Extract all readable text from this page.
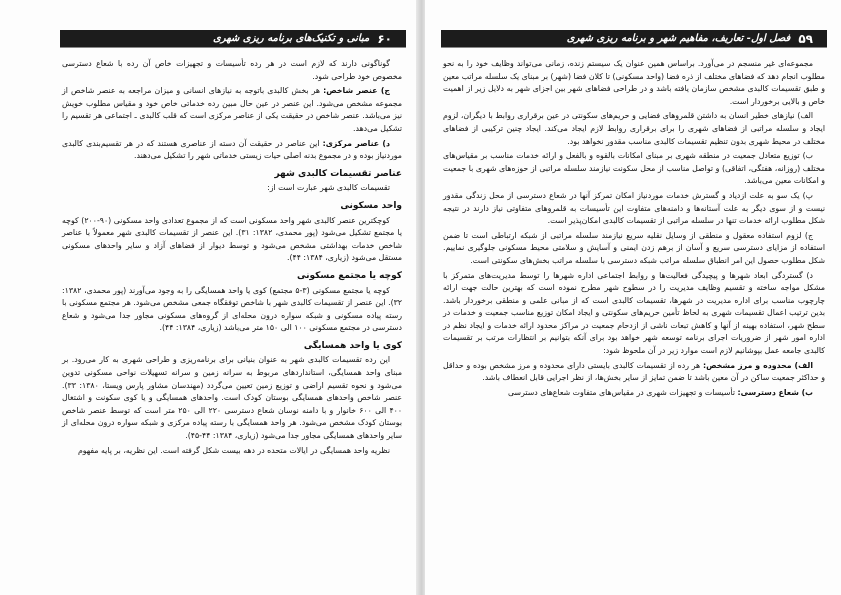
۶۰
مبانی و تکنیک‌های برنامه ریزی شهری

گوناگونی دارند که لازم است در هر رده تأسیسات و تجهیزات خاص آن رده با شعاع دسترسی مخصوص خود طراحی شود.

ج) عنصر شاخص: هر بخش کالبدی باتوجه به نیازهای انسانی و میزان مراجعه به عنصر شاخص از مجموعه مشخص می‌شود. این عنصر در عین حال مبین رده خدماتی خاص خود و مقیاس مطلوب خویش نیز می‌باشد. عنصر شاخص در حقیقت یکی از عناصر مرکزی است که قلب کالبدی ـ اجتماعی هر تقسیم را تشکیل می‌دهد.

د) عناصر مرکزی: این عناصر در حقیقت آن دسته از عناصری هستند که در هر تقسیم‌بندی کالبدی موردنیاز بوده و در مجموع بدنه اصلی حیات زیستی خدماتی شهر را تشکیل می‌دهند.

عناصر تقسیمات کالبدی شهر

تقسیمات کالبدی شهر عبارت است از:

واحد مسکونی

کوچکترین عنصر کالبدی شهر واحد مسکونی است که از مجموع تعدادی واحد مسکونی (۹۰-۲۰۰) کوچه یا مجتمع تشکیل می‌شود (پور محمدی، ۱۳۸۲: ۳۱). این عنصر از تقسیمات کالبدی شهر معمولاً با عناصر شاخص خدمات بهداشتی مشخص می‌شود و توسط دیوار از فضاهای آزاد و سایر واحدهای مسکونی مستقل می‌شود (زیاری، ۱۳۸۴: ۴۴).

کوچه یا مجتمع مسکونی

کوچه یا مجتمع مسکونی (۳-۵ مجتمع) کوی یا واحد همسایگی را به وجود می‌آورند (پور محمدی، ۱۳۸۲: ۳۲). این عنصر از تقسیمات کالبدی شهر با شاخص توفقگاه جمعی مشخص می‌شود. هر مجتمع مسکونی با رسته پیاده مسکونی و شبکه سواره درون محله‌ای از گروه‌های مسکونی مجاور جدا می‌شود و شعاع دسترسی در مجتمع مسکونی ۱۰۰ الی ۱۵۰ متر می‌باشد (زیاری، ۱۳۸۴: ۴۴).

کوی یا واحد همسایگی

این رده تقسیمات کالبدی شهر به عنوان بنیانی برای برنامه‌ریزی و طراحی شهری به کار می‌رود. بر مبنای واحد همسایگی، استانداردهای مربوط به سرانه زمین و سرانه تسهیلات نواحی مسکونی تدوین می‌شود و نحوه تقسیم اراضی و توزیع زمین تعیین می‌گردد (مهندسان مشاور پارس ویستا، ۱۳۸۰: ۳۳). عنصر شاخص واحدهای همسایگی بوستان کودک است. واحدهای همسایگی و یا کوی سکونت و اشتغال ۴۰۰ الی ۶۰۰ خانوار و با دامنه نوسان شعاع دسترسی ۲۲۰ الی ۲۵۰ متر است که توسط عنصر شاخص بوستان کودک مشخص می‌شود. هر واحد همسایگی با رسته پیاده مرکزی و شبکه سواره درون محله‌ای از سایر واحدهای همسایگی مجاور جدا می‌شود (زیاری، ۱۳۸۴: ۴۴-۴۵).

نظریه واحد همسایگی در ایالات متحده در دهه بیست شکل گرفته است. این نظریه، بر پایه مفهوم

۵۹
فصل اول- تعاریف، مفاهیم شهر و برنامه ریزی شهری

مجموعه‌ای غیر منسجم در می‌آورد. براساس همین عنوان یک سیستم زنده، زمانی می‌تواند وظایف خود را به نحو مطلوب انجام دهد که فضاهای مختلف از ذره فضا (واحد مسکونی) تا کلان فضا (شهر) بر مبنای یک سلسله مراتب معین و طبق تقسیمات کالبدی مشخص سازمان یافته باشد و در طراحی فضاهای شهر بین اجزای شهر به دلایل زیر از اهمیت خاص و بالایی برخوردار است.

الف) نیازهای خطیر انسان به داشتن قلمروهای فضایی و حریم‌های سکونتی در عین برقراری روابط با دیگران، لزوم ایجاد و سلسله مراتبی از فضاهای شهری را برای برقراری روابط لازم ایجاد می‌کند. ایجاد چنین ترکیبی از فضاهای مختلف در محیط شهری بدون تنظیم تقسیمات کالبدی مناسب مقدور نخواهد بود.

ب) توزیع متعادل جمعیت در منطقه شهری بر مبنای امکانات بالقوه و بالفعل و ارائه خدمات مناسب بر مقیاس‌های مختلف (روزانه، هفتگی، اتفاقی) و تواصل مناسب از محل سکونت نیازمند سلسله مراتبی از حوزه‌های شهری با جمعیت و امکانات معین می‌باشد.

پ) یک سو به علت ازدیاد و گسترش خدمات موردنیاز امکان تمرکز آنها در شعاع دسترسی از محل زندگی مقدور نیست و از سوی دیگر به علت آستانه‌ها و دامنه‌های متفاوت این تأسیسات به قلمروهای متفاوتی نیاز دارند در نتیجه شکل مطلوب ارائه خدمات تنها در سلسله مراتبی از تقسیمات کالبدی امکان‌پذیر است.

ج) لزوم استفاده معقول و منطقی از وسایل نقلیه سریع نیازمند سلسله مراتبی از شبکه ارتباطی است تا ضمن استفاده از مزایای دسترسی سریع و آسان از برهم زدن ایمنی و آسایش و سلامتی محیط مسکونی جلوگیری نماییم. شکل مطلوب حصول این امر انطباق سلسله مراتب شبکه دسترسی با سلسله مراتب بخش‌های سکونتی است.

د) گستردگی ابعاد شهرها و پیچیدگی فعالیت‌ها و روابط اجتماعی اداره شهرها را توسط مدیریت‌های متمرکز با مشکل مواجه ساخته و تقسیم وظایف مدیریت را در سطوح شهر مطرح نموده است که بهترین حالت جهت ارائه چارچوب مناسب برای اداره مدیریت در شهرها، تقسیمات کالبدی است که از مبانی علمی و منطقی برخوردار باشد. بدین ترتیب اعمال تقسیمات شهری به لحاظ تأمین حریم‌های سکونتی و ایجاد امکان توزیع مناسب جمعیت و خدمات در سطح شهر، استفاده بهینه از آنها و کاهش تبعات ناشی از ازدحام جمعیت در مراکز محدود ارائه خدمات و ایجاد نظم در اداره امور شهر از ضروریات اجرای برنامه توسعه شهر خواهد بود برای آنکه بتوانیم بر انتظارات مرتب بر تقسیمات کالبدی جامعه عمل بپوشانیم لازم است موارد زیر در آن ملحوظ شود:

الف) محدوده و مرز مشخص: هر رده از تقسیمات کالبدی بایستی دارای محدوده و مرز مشخص بوده و حداقل و حداکثر جمعیت ساکن در آن معین باشد تا ضمن تمایز از سایر بخش‌ها، از نظر اجرایی قابل انعطاف باشد.

ب) شعاع دسترسی: تأسیسات و تجهیزات شهری در مقیاس‌های متفاوت شعاع‌های دسترسی
